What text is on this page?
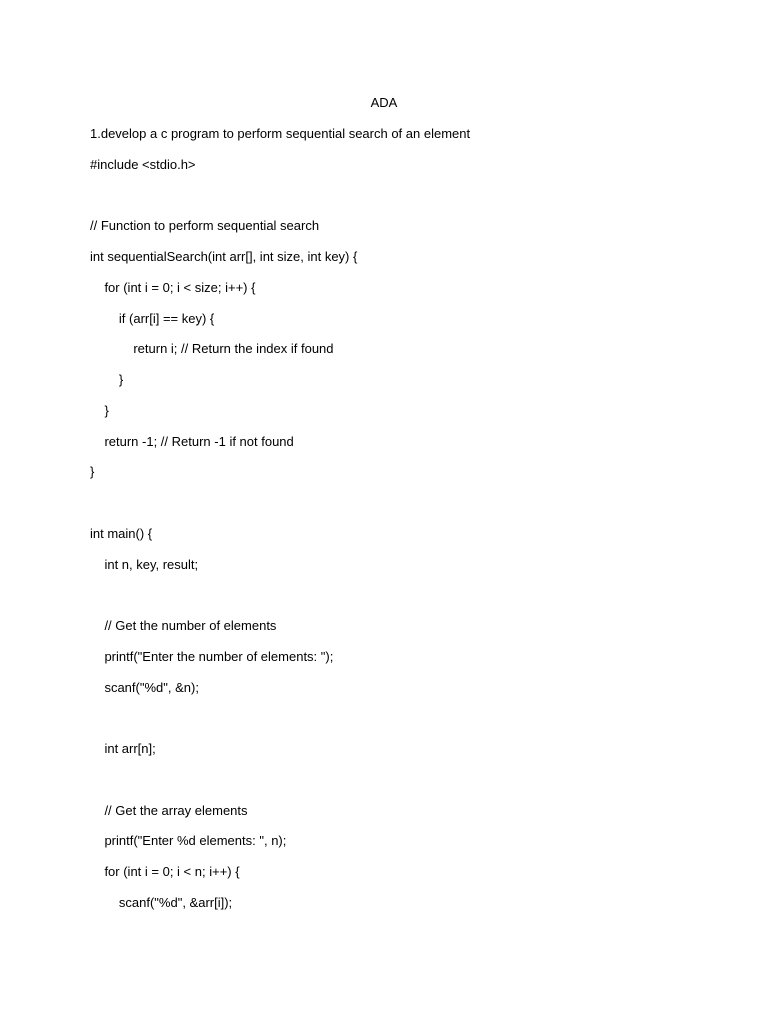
ADA
1.develop a c program to perform sequential search of an element
#include <stdio.h>
// Function to perform sequential search
int sequentialSearch(int arr[], int size, int key) {
for (int i = 0; i < size; i++) {
if (arr[i] == key) {
return i; // Return the index if found
}
}
return -1; // Return -1 if not found
}
int main() {
int n, key, result;
// Get the number of elements
printf("Enter the number of elements: ");
scanf("%d", &n);
int arr[n];
// Get the array elements
printf("Enter %d elements: ", n);
for (int i = 0; i < n; i++) {
scanf("%d", &arr[i]);
